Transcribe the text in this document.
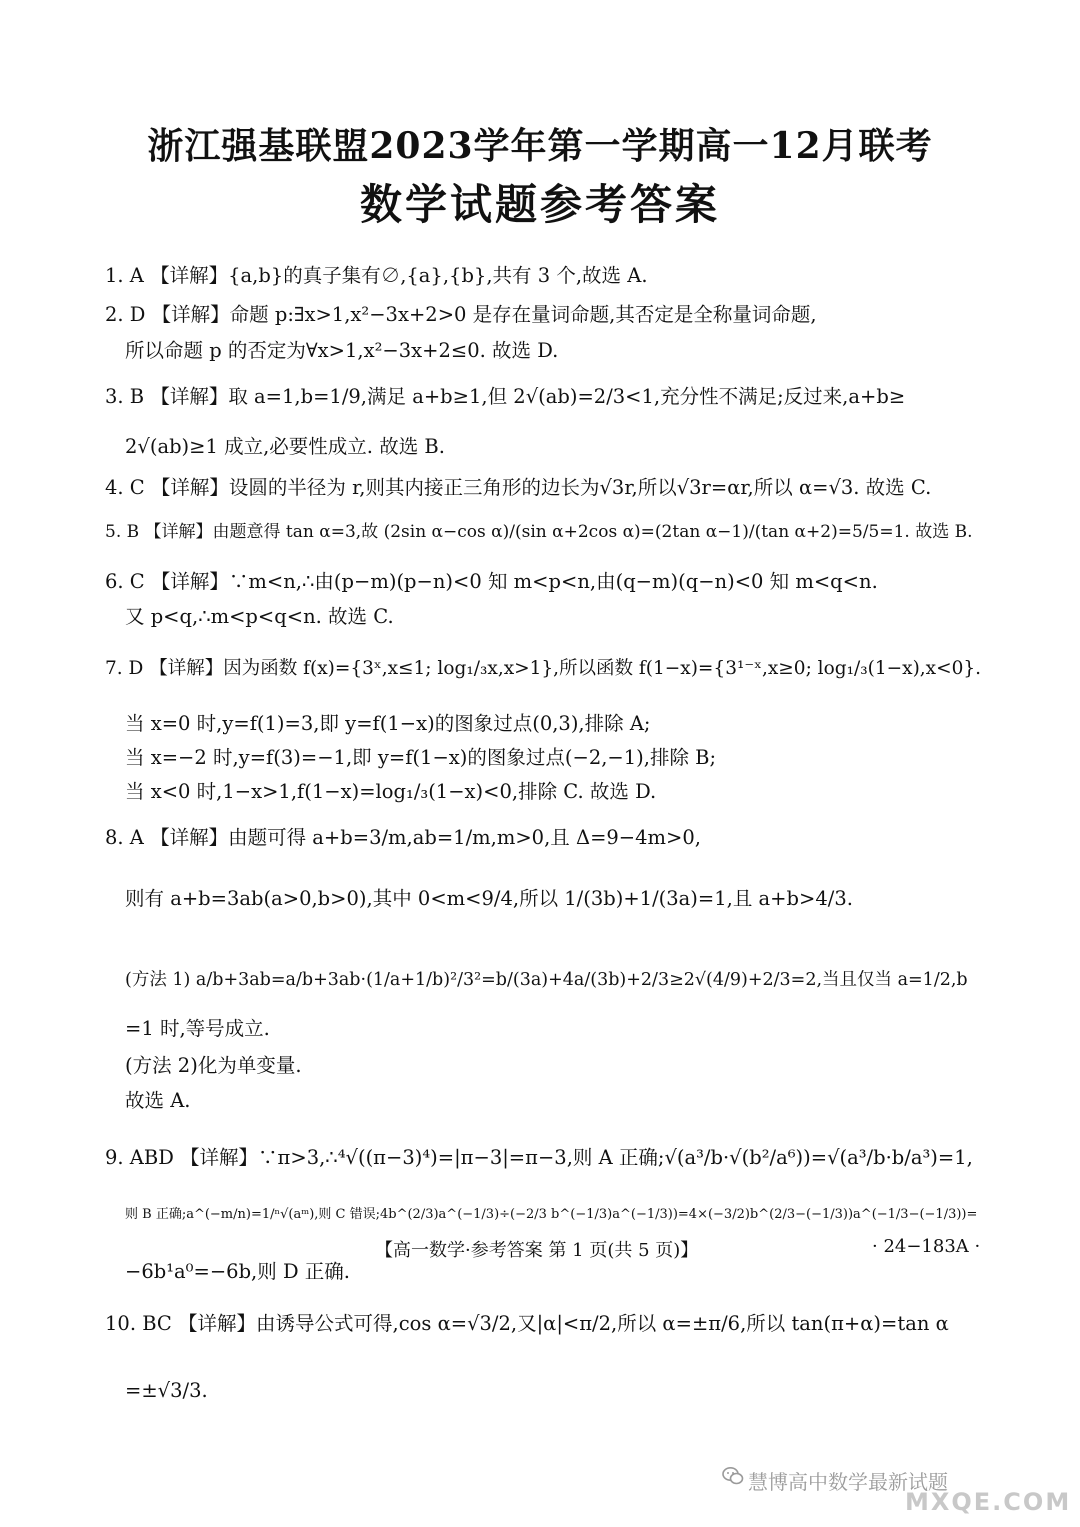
浙江强基联盟2023学年第一学期高一12月联考
数学试题参考答案
1. A 【详解】{a,b}的真子集有∅,{a},{b},共有 3 个,故选 A.
2. D 【详解】命题 p:∃x>1,x²−3x+2>0 是存在量词命题,其否定是全称量词命题,
所以命题 p 的否定为∀x>1,x²−3x+2≤0. 故选 D.
3. B 【详解】取 a=1,b=1/9,满足 a+b≥1,但 2√(ab)=2/3<1,充分性不满足;反过来,a+b≥
2√(ab)≥1 成立,必要性成立. 故选 B.
4. C 【详解】设圆的半径为 r,则其内接正三角形的边长为√3r,所以√3r=αr,所以 α=√3. 故选 C.
5. B 【详解】由题意得 tan α=3,故 (2sin α−cos α)/(sin α+2cos α)=(2tan α−1)/(tan α+2)=5/5=1. 故选 B.
6. C 【详解】∵m<n,∴由(p−m)(p−n)<0 知 m<p<n,由(q−m)(q−n)<0 知 m<q<n.
又 p<q,∴m<p<q<n. 故选 C.
7. D 【详解】因为函数 f(x)={3ˣ,x≤1; log₁/₃x,x>1},所以函数 f(1−x)={3¹⁻ˣ,x≥0; log₁/₃(1−x),x<0}.
当 x=0 时,y=f(1)=3,即 y=f(1−x)的图象过点(0,3),排除 A;
当 x=−2 时,y=f(3)=−1,即 y=f(1−x)的图象过点(−2,−1),排除 B;
当 x<0 时,1−x>1,f(1−x)=log₁/₃(1−x)<0,排除 C. 故选 D.
8. A 【详解】由题可得 a+b=3/m,ab=1/m,m>0,且 Δ=9−4m>0,
则有 a+b=3ab(a>0,b>0),其中 0<m<9/4,所以 1/(3b)+1/(3a)=1,且 a+b>4/3.
(方法 1) a/b+3ab=a/b+3ab·(1/a+1/b)²/3²=b/(3a)+4a/(3b)+2/3≥2√(4/9)+2/3=2,当且仅当 a=1/2,b
=1 时,等号成立.
(方法 2)化为单变量.
故选 A.
9. ABD 【详解】∵π>3,∴⁴√((π−3)⁴)=|π−3|=π−3,则 A 正确;√(a³/b·√(b²/a⁶))=√(a³/b·b/a³)=1,
则 B 正确;a^(−m/n)=1/ⁿ√(aᵐ),则 C 错误;4b^(2/3)a^(−1/3)÷(−2/3 b^(−1/3)a^(−1/3))=4×(−3/2)b^(2/3−(−1/3))a^(−1/3−(−1/3))=
−6b¹a⁰=−6b,则 D 正确.
10. BC 【详解】由诱导公式可得,cos α=√3/2,又|α|<π/2,所以 α=±π/6,所以 tan(π+α)=tan α
=±√3/3.
【高一数学·参考答案 第 1 页(共 5 页)】	· 24−183A ·
慧博高中数学最新试题
MXQE.COM
